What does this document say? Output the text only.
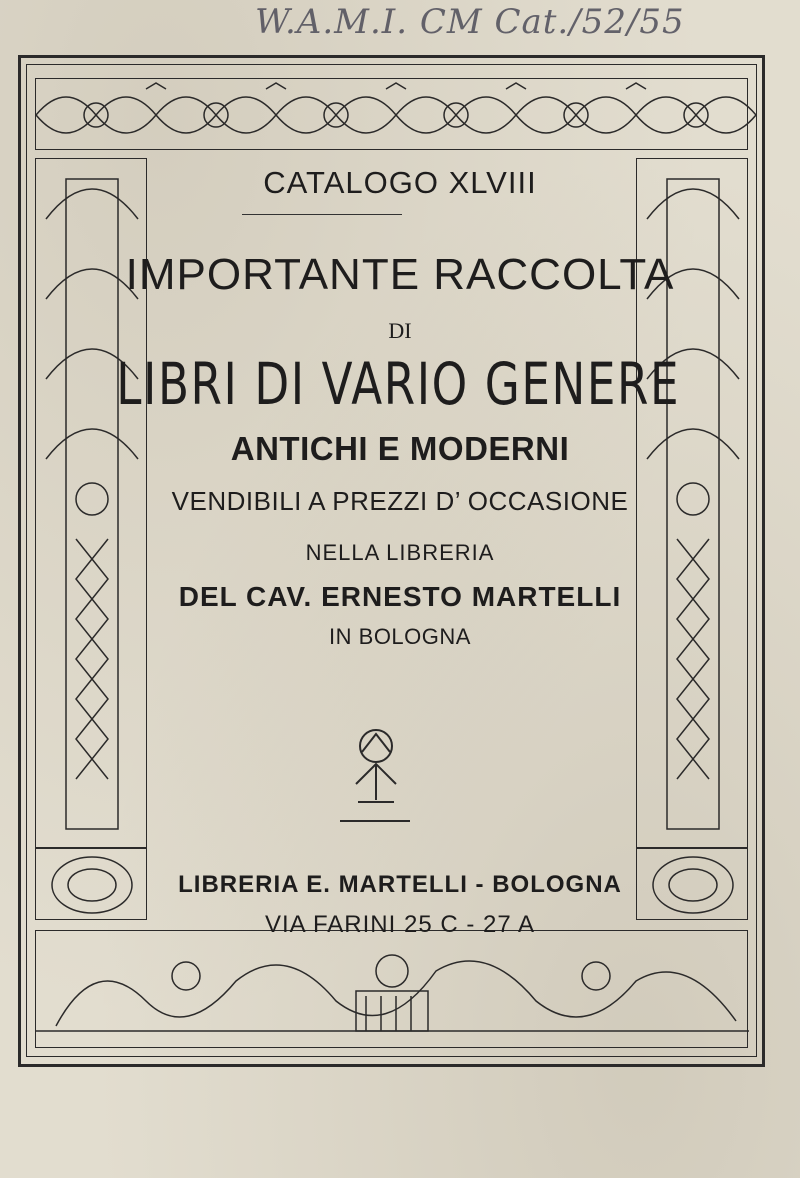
W.A.M.I. CM Cat./52/55
CATALOGO XLVIII
IMPORTANTE RACCOLTA
DI
LIBRI DI VARIO GENERE
ANTICHI E MODERNI
VENDIBILI A PREZZI D’ OCCASIONE
NELLA LIBRERIA
DEL CAV. ERNESTO MARTELLI
IN BOLOGNA
LIBRERIA E. MARTELLI - BOLOGNA
VIA FARINI 25 C - 27 A
